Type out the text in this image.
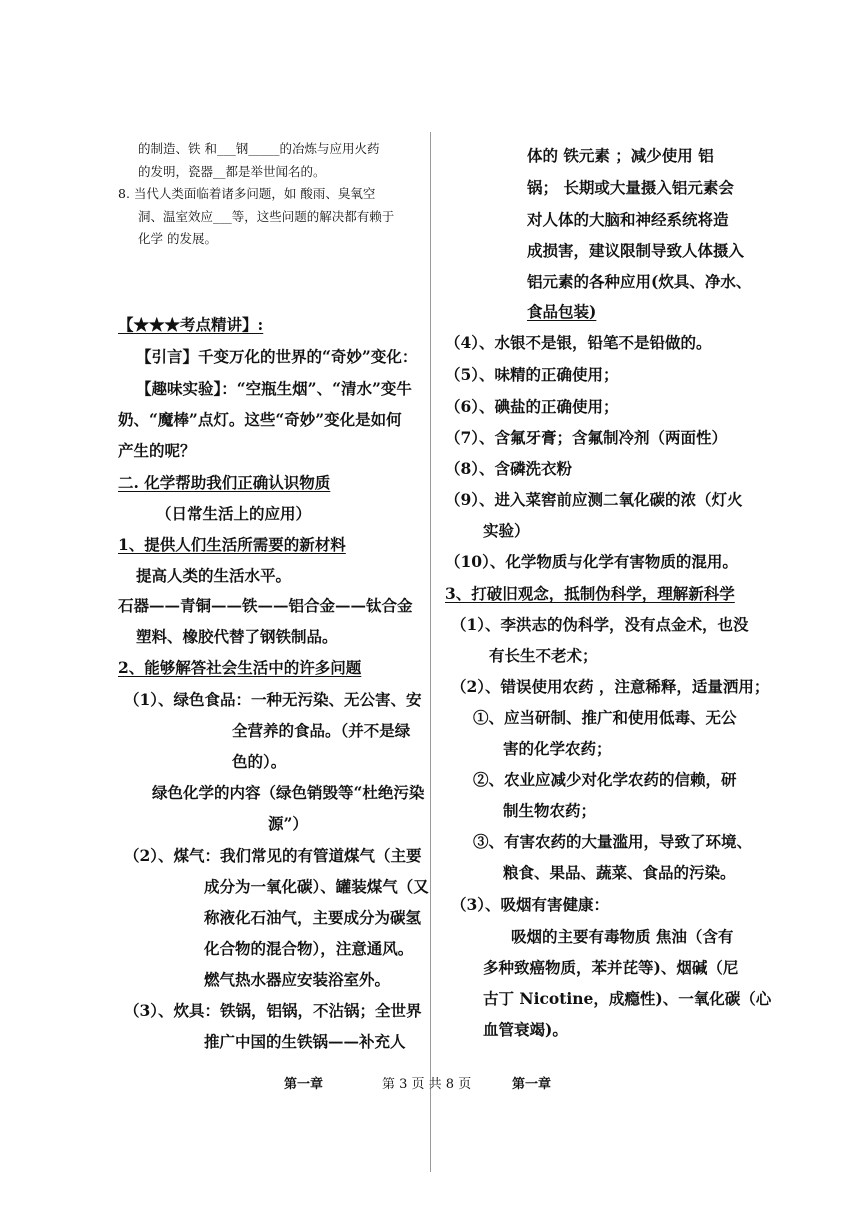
的制造、铁 和___钢_____的冶炼与应用火药
的发明，瓷器__都是举世闻名的。
8. 当代人类面临着诸多问题，如 酸雨、臭氧空
洞、温室效应___等，这些问题的解决都有赖于
化学 的发展。
【★★★考点精讲】:
【引言】千变万化的世界的“奇妙”变化：
【趣味实验】：“空瓶生烟”、“清水”变牛
奶、“魔棒”点灯。这些“奇妙”变化是如何
产生的呢？
二. 化学帮助我们正确认识物质
（日常生活上的应用）
1、提供人们生活所需要的新材料
提高人类的生活水平。
石器——青铜——铁——铝合金——钛合金
塑料、橡胶代替了钢铁制品。
2、能够解答社会生活中的许多问题
（1）、绿色食品：一种无污染、无公害、安
全营养的食品。（并不是绿
色的）。
绿色化学的内容（绿色销毁等“杜绝污染
源”）
（2）、煤气：我们常见的有管道煤气（主要
成分为一氧化碳）、罐装煤气（又
称液化石油气，主要成分为碳氢
化合物的混合物），注意通风。
燃气热水器应安装浴室外。
（3）、炊具：铁锅，铝锅，不沾锅；全世界
推广中国的生铁锅——补充人
体的 铁元素 ；减少使用 铝
锅； 长期或大量摄入铝元素会
对人体的大脑和神经系统将造
成损害，建议限制导致人体摄入
铝元素的各种应用(炊具、净水、
食品包装)
（4）、水银不是银，铅笔不是铅做的。
（5）、味精的正确使用；
（6）、碘盐的正确使用；
（7）、含氟牙膏；含氟制冷剂（两面性）
（8）、含磷洗衣粉
（9）、进入菜窖前应测二氧化碳的浓（灯火
实验）
（10）、化学物质与化学有害物质的混用。
3、打破旧观念，抵制伪科学，理解新科学
（1）、李洪志的伪科学，没有点金术，也没
有长生不老术；
（2）、错误使用农药 ，注意稀释，适量洒用；
①、应当研制、推广和使用低毒、无公
害的化学农药；
②、农业应减少对化学农药的信赖，研
制生物农药；
③、有害农药的大量滥用，导致了环境、
粮食、果品、蔬菜、食品的污染。
（3）、吸烟有害健康：
吸烟的主要有毒物质 焦油（含有
多种致癌物质，苯并芘等)、烟碱（尼
古丁 Nicotine，成瘾性)、一氧化碳（心
血管衰竭)。
第一章	第 3 页 共 8 页	第一章
